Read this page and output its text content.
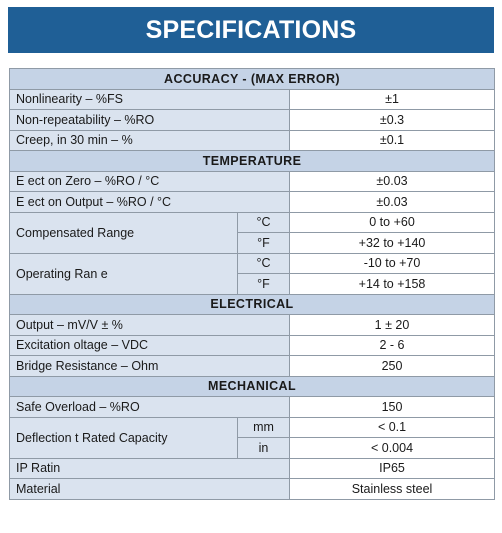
SPECIFICATIONS
ACCURACY - (MAX ERROR)		
Nonlinearity – %FS		±1
Non-repeatability – %RO		±0.3
Creep, in 30 min – %		±0.1
TEMPERATURE		
E ect on Zero – %RO / °C		±0.03
E ect on Output – %RO / °C		±0.03
Compensated Range	°C	0 to +60
	°F	+32 to +140
Operating Ran e	°C	-10 to +70
	°F	+14 to +158
ELECTRICAL		
Output – mV/V ± %		1 ± 20
Excitation oltage – VDC		2 - 6
Bridge Resistance – Ohm		250
MECHANICAL		
Safe Overload – %RO		150
Deflection t Rated Capacity	mm	< 0.1
	in	< 0.004
IP Ratin		IP65
Material		Stainless steel
